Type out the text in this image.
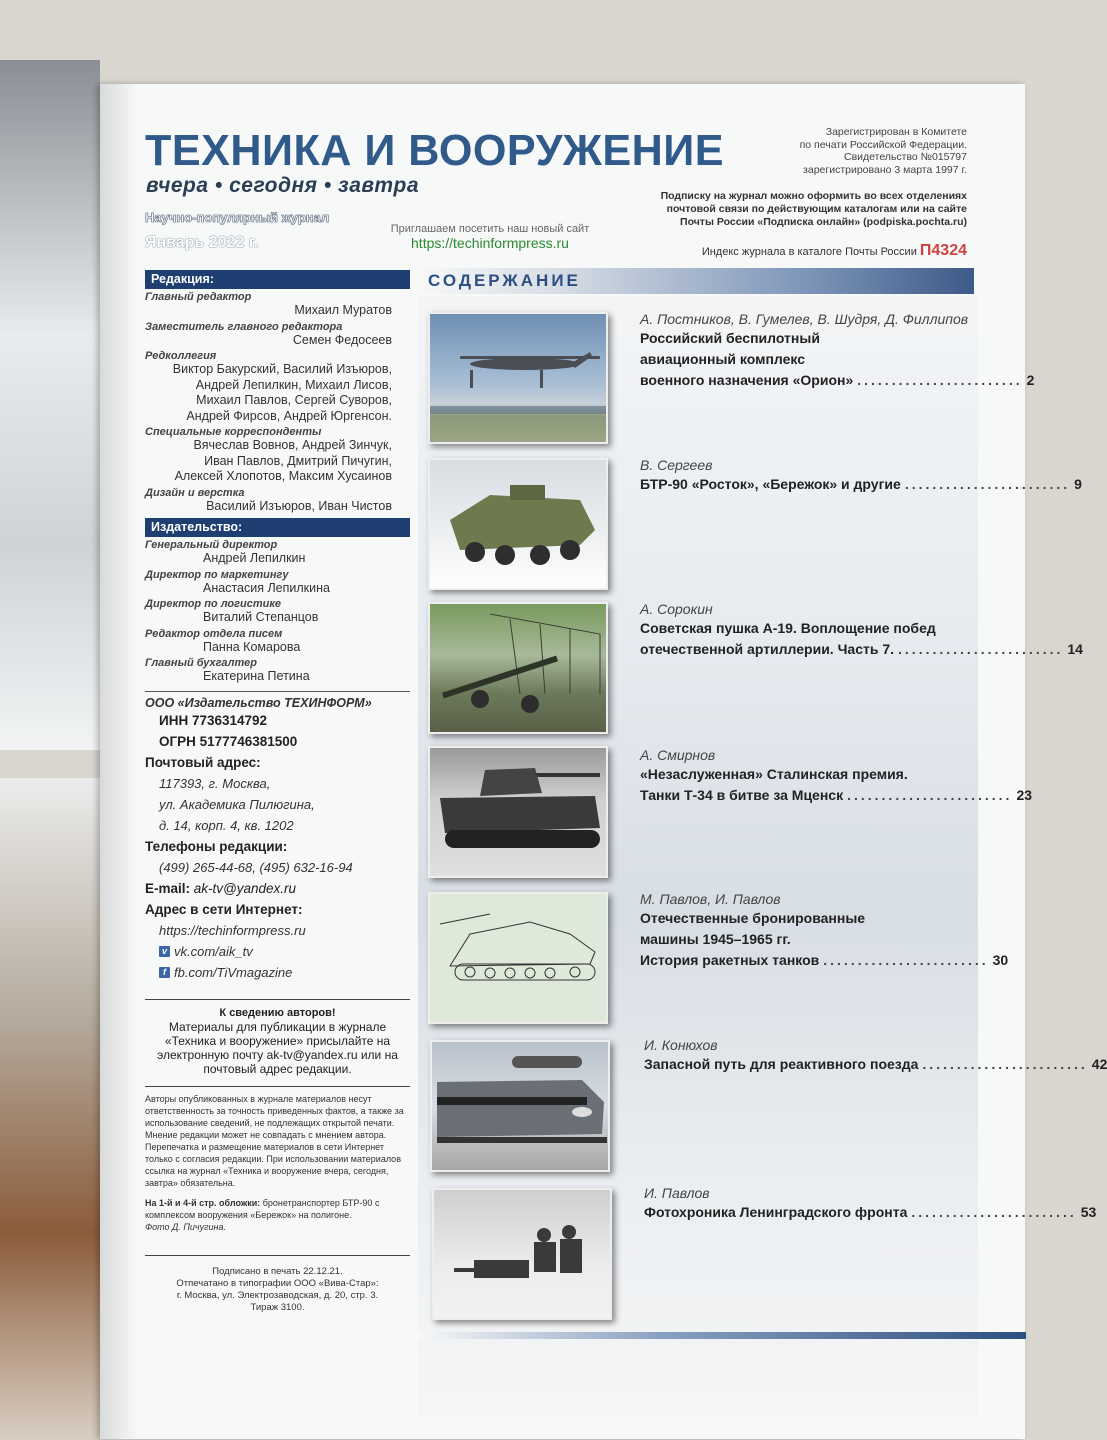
ТЕХНИКА И ВООРУЖЕНИЕ
вчера • сегодня • завтра
Научно-популярный журнал
Январь 2022 г.
Приглашаем посетить наш новый сайт
https://techinformpress.ru
Зарегистрирован в Комитете
по печати Российской Федерации.
Свидетельство №015797
зарегистрировано 3 марта 1997 г.
Подписку на журнал можно оформить во всех отделениях
почтовой связи по действующим каталогам или на сайте
Почты России «Подписка онлайн» (podpiska.pochta.ru)
Индекс журнала в каталоге Почты России П4324
Редакция:
Главный редактор
Михаил Муратов
Заместитель главного редактора
Семен Федосеев
Редколлегия
Виктор Бакурский, Василий Изъюров,
Андрей Лепилкин, Михаил Лисов,
Михаил Павлов, Сергей Суворов,
Андрей Фирсов, Андрей Юргенсон.
Специальные корреспонденты
Вячеслав Вовнов, Андрей Зинчук,
Иван Павлов, Дмитрий Пичугин,
Алексей Хлопотов, Максим Хусаинов
Дизайн и верстка
Василий Изъюров, Иван Чистов
Издательство:
Генеральный директор
Андрей Лепилкин
Директор по маркетингу
Анастасия Лепилкина
Директор по логистике
Виталий Степанцов
Редактор отдела писем
Панна Комарова
Главный бухгалтер
Екатерина Петина
ООО «Издательство ТЕХИНФОРМ»
ИНН 7736314792
ОГРН 5177746381500
Почтовый адрес:
117393, г. Москва,
ул. Академика Пилюгина,
д. 14, корп. 4, кв. 1202
Телефоны редакции:
(499) 265-44-68, (495) 632-16-94
E-mail: ak-tv@yandex.ru
Адрес в сети Интернет:
https://techinformpress.ru
v vk.com/aik_tv
f fb.com/TiVmagazine
К сведению авторов!
Материалы для публикации в журнале «Техника и вооружение» присылайте на электронную почту ak-tv@yandex.ru или на почтовый адрес редакции.
Авторы опубликованных в журнале материалов несут ответственность за точность приведенных фактов, а также за использование сведений, не подлежащих открытой печати. Мнение редакции может не совпадать с мнением автора. Перепечатка и размещение материалов в сети Интернет только с согласия редакции. При использовании материалов ссылка на журнал «Техника и вооружение вчера, сегодня, завтра» обязательна.
На 1-й и 4-й стр. обложки: бронетранспортер БТР-90 с комплексом вооружения «Бережок» на полигоне.
Фото Д. Пичугина.
Подписано в печать 22.12.21.
Отпечатано в типографии ООО «Вива-Стар»:
г. Москва, ул. Электрозаводская, д. 20, стр. 3.
Тираж 3100.
СОДЕРЖАНИЕ
А. Постников, В. Гумелев, В. Шудря, Д. Филлипов
Российский беспилотный
авиационный комплекс
военного назначения «Орион» ........................ 2
В. Сергеев
БТР-90 «Росток», «Бережок» и другие ........................ 9
А. Сорокин
Советская пушка А-19. Воплощение побед
отечественной артиллерии. Часть 7. ........................ 14
А. Смирнов
«Незаслуженная» Сталинская премия.
Танки Т-34 в битве за Мценск ........................ 23
М. Павлов, И. Павлов
Отечественные бронированные
машины 1945–1965 гг.
История ракетных танков ........................ 30
И. Конюхов
Запасной путь для реактивного поезда ........................ 42
И. Павлов
Фотохроника Ленинградского фронта ........................ 53
